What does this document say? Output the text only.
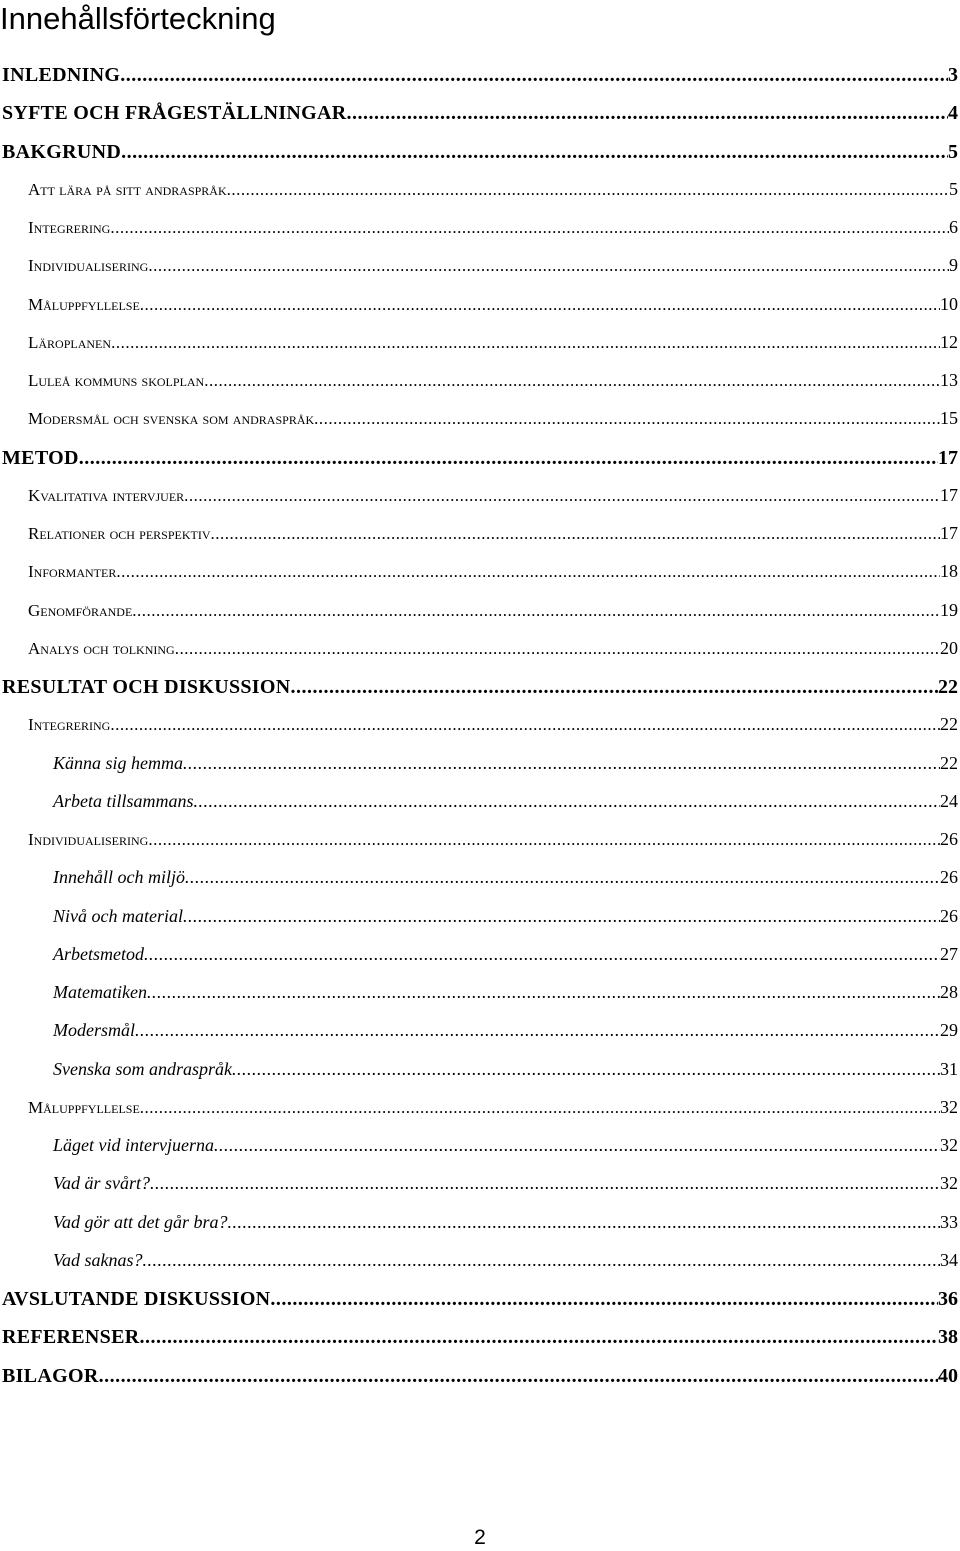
Innehållsförteckning
INLEDNING .....	3
SYFTE OCH FRÅGESTÄLLNINGAR .....	4
BAKGRUND .....	5
Att lära på sitt andraspråk .....	5
Integrering .....	6
Individualisering .....	9
Måluppfyllelse .....	10
Läroplanen .....	12
Luleå kommuns skolplan .....	13
Modersmål och svenska som andraspråk .....	15
METOD .....	17
Kvalitativa intervjuer .....	17
Relationer och perspektiv .....	17
Informanter .....	18
Genomförande .....	19
Analys och tolkning .....	20
RESULTAT OCH DISKUSSION .....	22
Integrering .....	22
Känna sig hemma .....	22
Arbeta tillsammans .....	24
Individualisering .....	26
Innehåll och miljö .....	26
Nivå och material .....	26
Arbetsmetod .....	27
Matematiken .....	28
Modersmål .....	29
Svenska som andraspråk .....	31
Måluppfyllelse .....	32
Läget vid intervjuerna .....	32
Vad är svårt? .....	32
Vad gör att det går bra? .....	33
Vad saknas? .....	34
AVSLUTANDE DISKUSSION .....	36
REFERENSER .....	38
BILAGOR .....	40
2
